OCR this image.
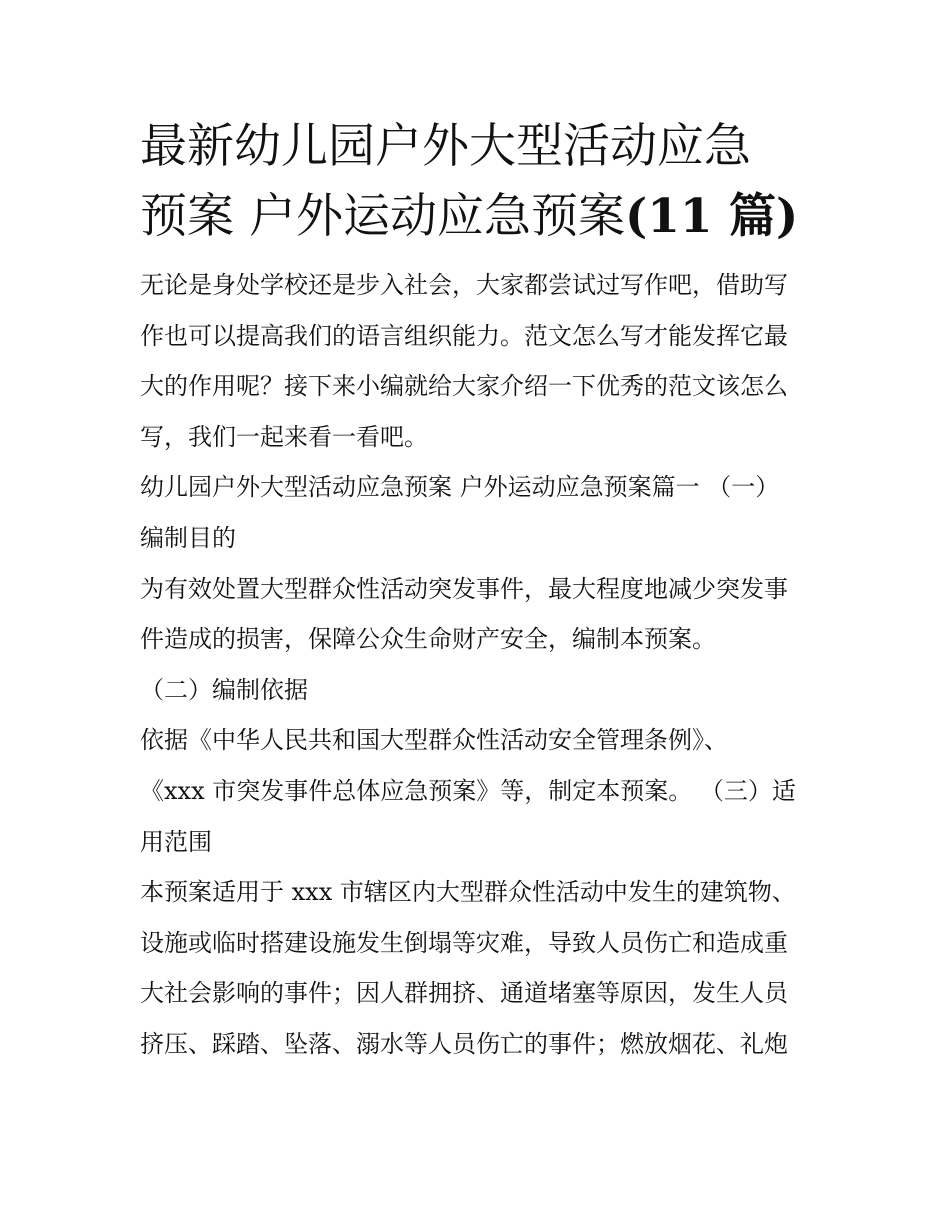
最新幼儿园户外大型活动应急
预案 户外运动应急预案(11 篇)

无论是身处学校还是步入社会，大家都尝试过写作吧，借助写

作也可以提高我们的语言组织能力。范文怎么写才能发挥它最

大的作用呢？接下来小编就给大家介绍一下优秀的范文该怎么

写，我们一起来看一看吧。

幼儿园户外大型活动应急预案 户外运动应急预案篇一 （一）

编制目的

为有效处置大型群众性活动突发事件，最大程度地减少突发事

件造成的损害，保障公众生命财产安全，编制本预案。

（二）编制依据

依据《中华人民共和国大型群众性活动安全管理条例》、

《xxx 市突发事件总体应急预案》等，制定本预案。 （三）适

用范围

本预案适用于 xxx 市辖区内大型群众性活动中发生的建筑物、

设施或临时搭建设施发生倒塌等灾难，导致人员伤亡和造成重

大社会影响的事件；因人群拥挤、通道堵塞等原因，发生人员

挤压、踩踏、坠落、溺水等人员伤亡的事件；燃放烟花、礼炮
